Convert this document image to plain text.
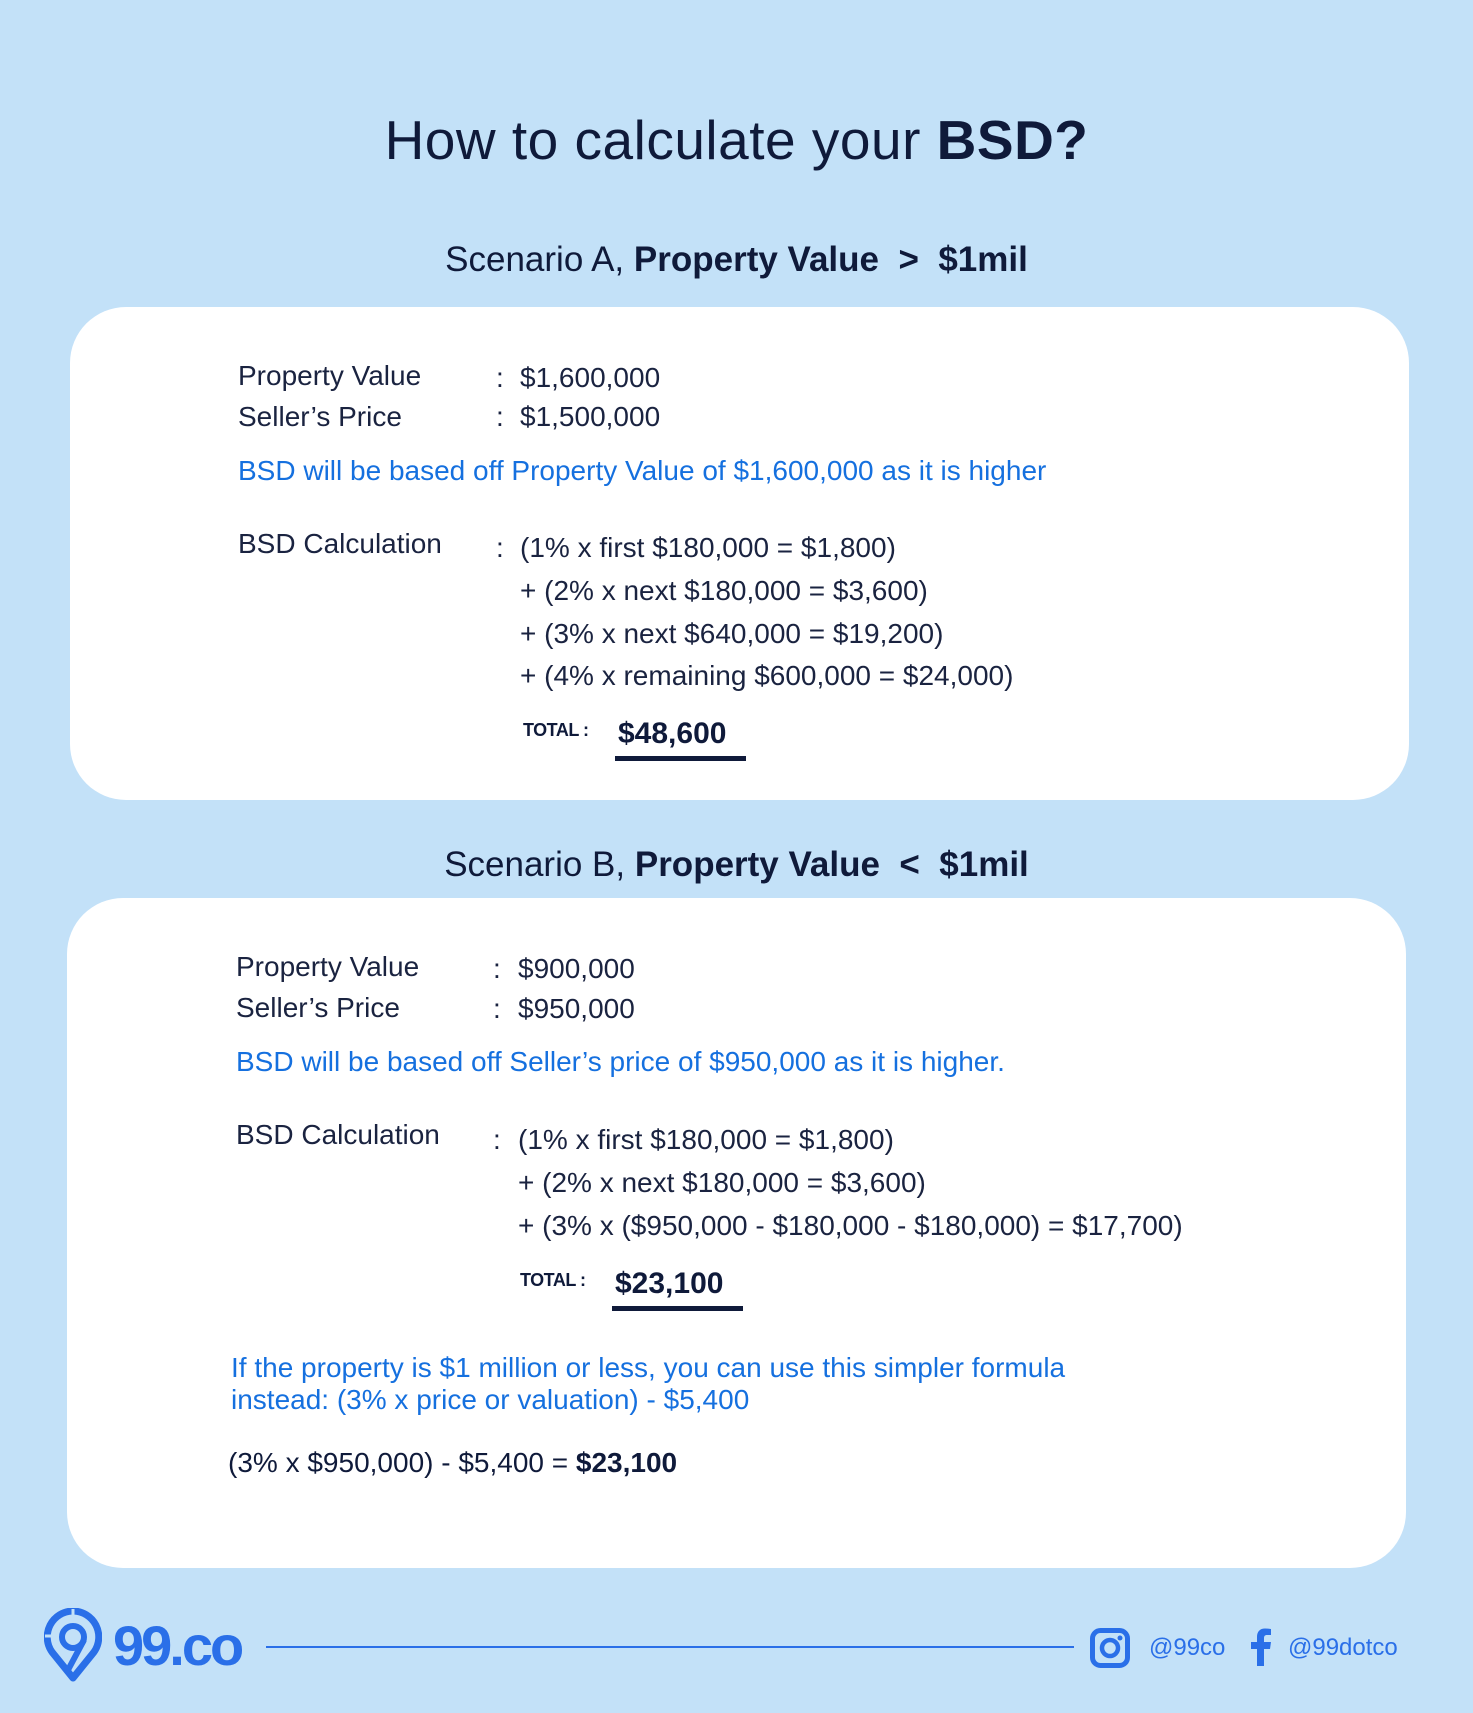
How to calculate your BSD?
Scenario A, Property Value  >  $1mil
Property Value	: $1,600,000
Seller’s Price	: $1,500,000
BSD will be based off Property Value of $1,600,000 as it is higher
BSD Calculation : (1% x first $180,000 = $1,800)
+ (2% x next $180,000 = $3,600)
+ (3% x next $640,000 = $19,200)
+ (4% x remaining $600,000 = $24,000)
TOTAL : $48,600
Scenario B, Property Value  <  $1mil
Property Value	: $900,000
Seller’s Price	: $950,000
BSD will be based off Seller’s price of $950,000 as it is higher.
BSD Calculation : (1% x first $180,000 = $1,800)
+ (2% x next $180,000 = $3,600)
+ (3% x ($950,000 - $180,000 - $180,000) = $17,700)
TOTAL : $23,100
If the property is $1 million or less, you can use this simpler formula
instead: (3% x price or valuation) - $5,400
(3% x $950,000) - $5,400 = $23,100
99.co	@99co	@99dotco
